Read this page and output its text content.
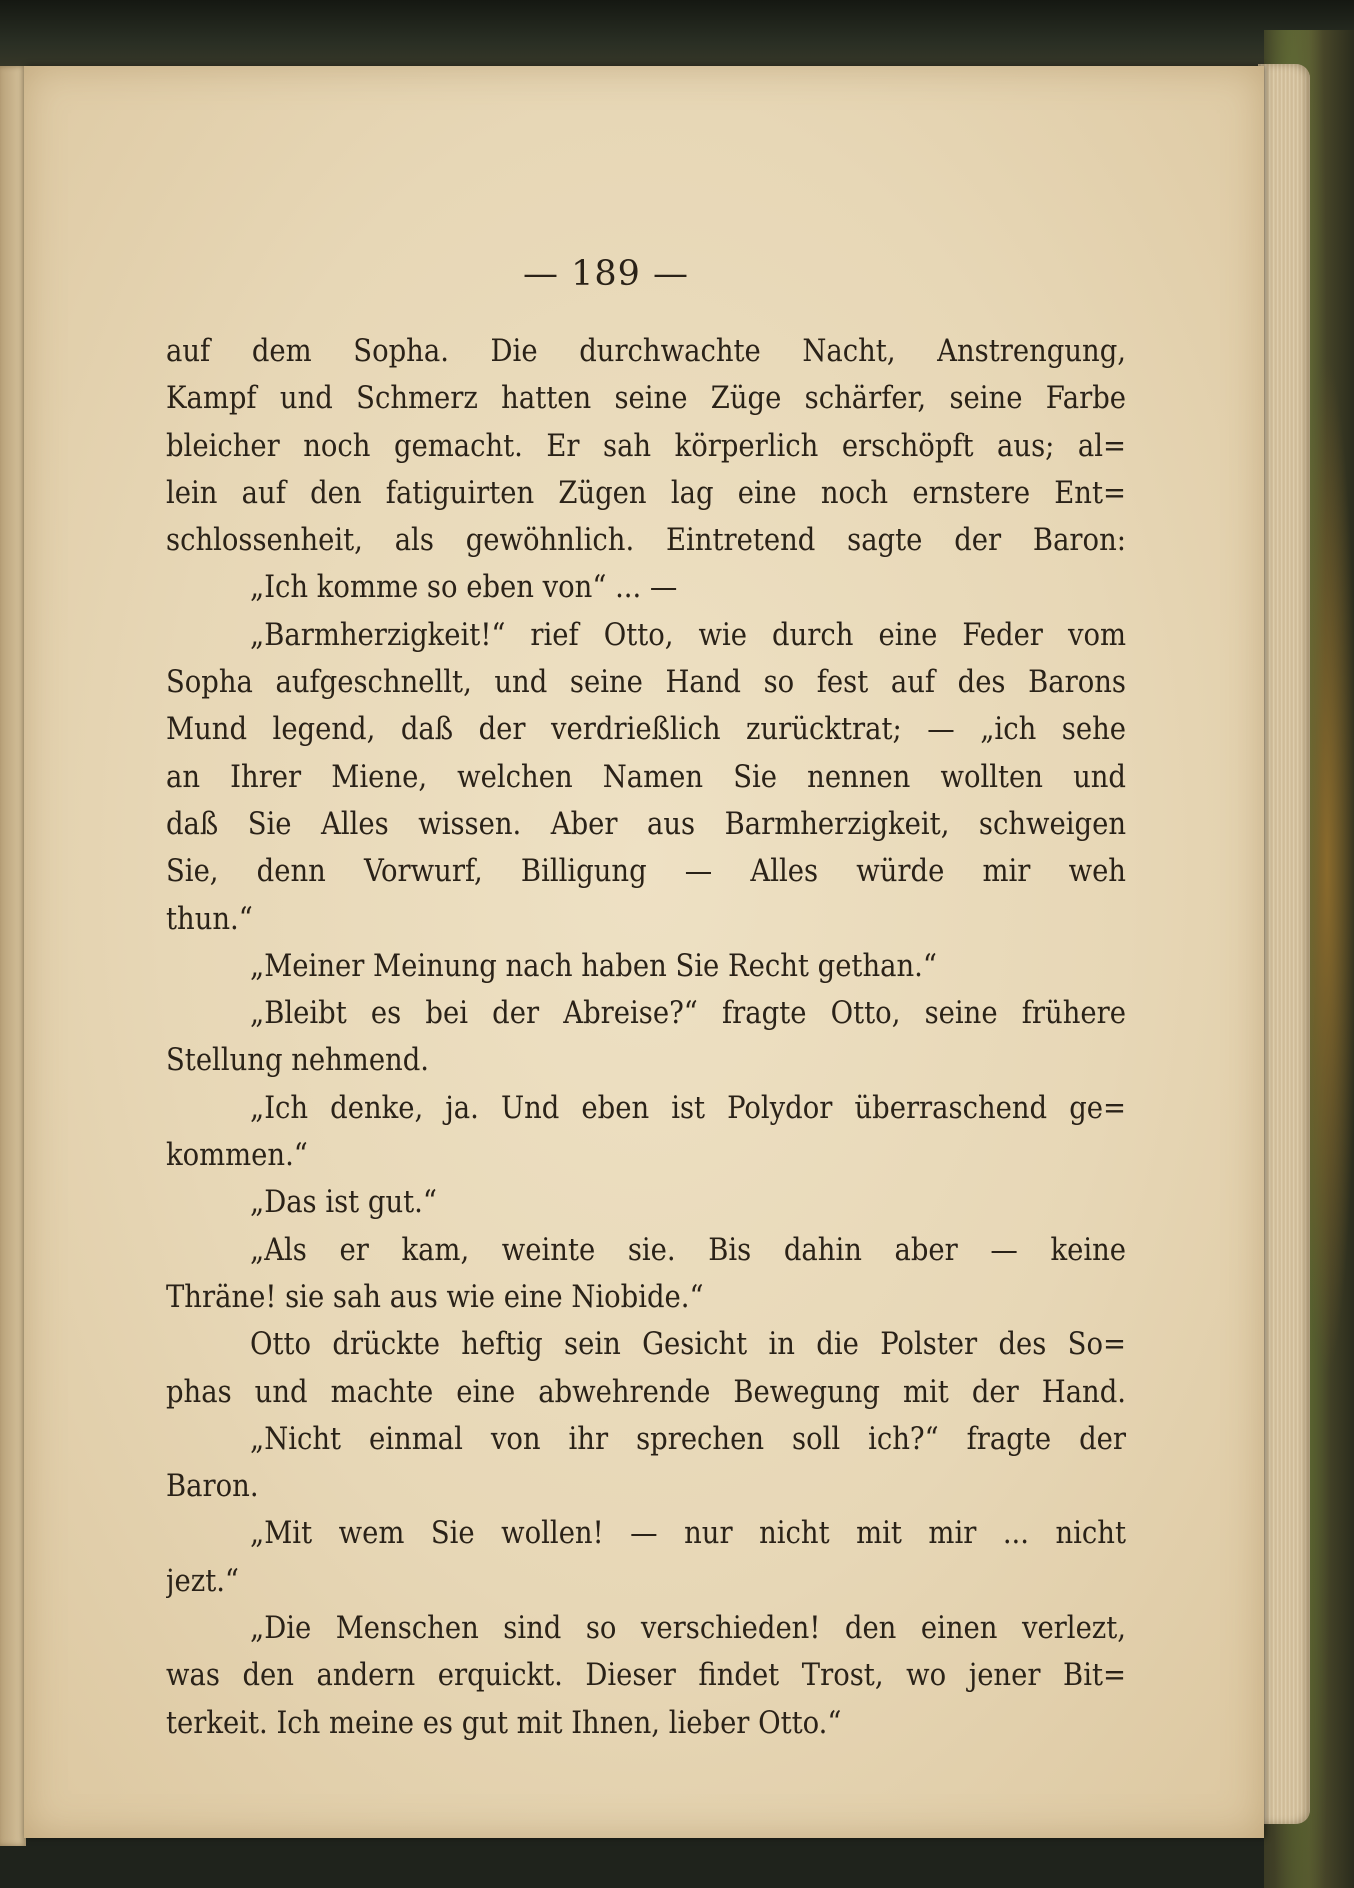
— 189 —
auf dem Sopha. Die durchwachte Nacht, Anstrengung,
Kampf und Schmerz hatten seine Züge schärfer, seine Farbe
bleicher noch gemacht. Er sah körperlich erschöpft aus; al=
lein auf den fatiguirten Zügen lag eine noch ernstere Ent=
schlossenheit, als gewöhnlich. Eintretend sagte der Baron:
„Ich komme so eben von“ ... —
„Barmherzigkeit!“ rief Otto, wie durch eine Feder vom
Sopha aufgeschnellt, und seine Hand so fest auf des Barons
Mund legend, daß der verdrießlich zurücktrat; — „ich sehe
an Ihrer Miene, welchen Namen Sie nennen wollten und
daß Sie Alles wissen. Aber aus Barmherzigkeit, schweigen
Sie, denn Vorwurf, Billigung — Alles würde mir weh
thun.“
„Meiner Meinung nach haben Sie Recht gethan.“
„Bleibt es bei der Abreise?“ fragte Otto, seine frühere
Stellung nehmend.
„Ich denke, ja. Und eben ist Polydor überraschend ge=
kommen.“
„Das ist gut.“
„Als er kam, weinte sie. Bis dahin aber — keine
Thräne! sie sah aus wie eine Niobide.“
Otto drückte heftig sein Gesicht in die Polster des So=
phas und machte eine abwehrende Bewegung mit der Hand.
„Nicht einmal von ihr sprechen soll ich?“ fragte der
Baron.
„Mit wem Sie wollen! — nur nicht mit mir ... nicht
jezt.“
„Die Menschen sind so verschieden! den einen verlezt,
was den andern erquickt. Dieser findet Trost, wo jener Bit=
terkeit. Ich meine es gut mit Ihnen, lieber Otto.“
